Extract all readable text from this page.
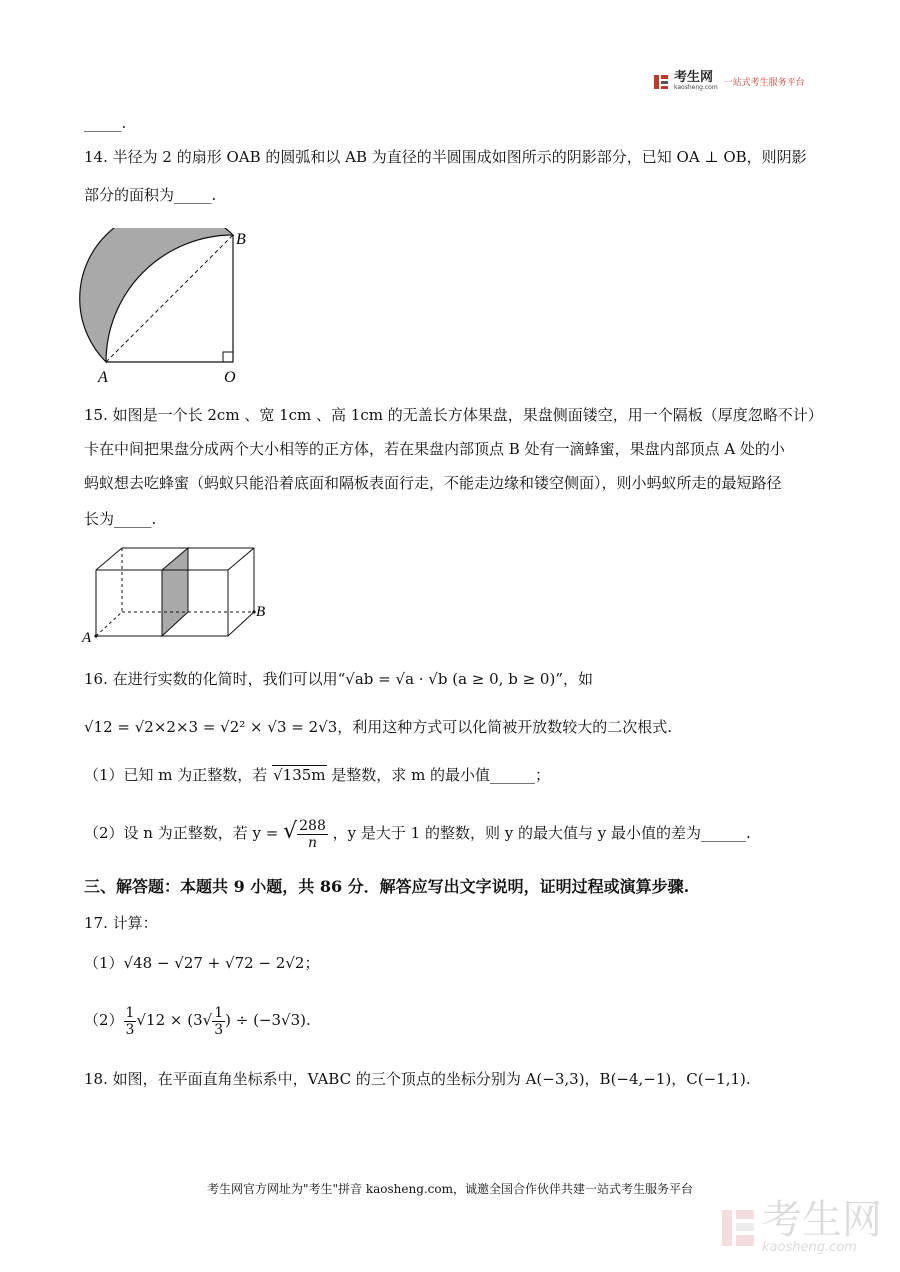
考生网
kaosheng.com 一站式考生服务平台
_____.
14. 半径为 2 的扇形 OAB 的圆弧和以 AB 为直径的半圆围成如图所示的阴影部分，已知 OA ⊥ OB，则阴影
部分的面积为_____.
B
A	O
15. 如图是一个长 2cm 、宽 1cm 、高 1cm 的无盖长方体果盘，果盘侧面镂空，用一个隔板（厚度忽略不计）
卡在中间把果盘分成两个大小相等的正方体，若在果盘内部顶点 B 处有一滴蜂蜜，果盘内部顶点 A 处的小
蚂蚁想去吃蜂蜜（蚂蚁只能沿着底面和隔板表面行走，不能走边缘和镂空侧面），则小蚂蚁所走的最短路径
长为_____.
A
B
16. 在进行实数的化简时，我们可以用“√ab = √a · √b (a ≥ 0, b ≥ 0)”，如
√12 = √2×2×3 = √2² × √3 = 2√3，利用这种方式可以化简被开放数较大的二次根式.
（1）已知 m 为正整数，若 √135m 是整数，求 m 的最小值______；
（2）设 n 为正整数，若 y = √ $\frac{288}{n}$ ，y 是大于 1 的整数，则 y 的最大值与 y 最小值的差为______.
三、解答题：本题共 9 小题，共 86 分．解答应写出文字说明，证明过程或演算步骤.
17. 计算：
（1）√48 − √27 + √72 − 2√2；
$(2) \frac{1}{3} √12 \times (3√ \frac{1}{3}$ ) ÷ (−3√3).
18. 如图，在平面直角坐标系中，VABC 的三个顶点的坐标分别为 A(−3,3)，B(−4,−1)，C(−1,1).
考生网官方网址为"考生"拼音 kaosheng.com，诚邀全国合作伙伴共建一站式考生服务平台
考生网
kaosheng.com
